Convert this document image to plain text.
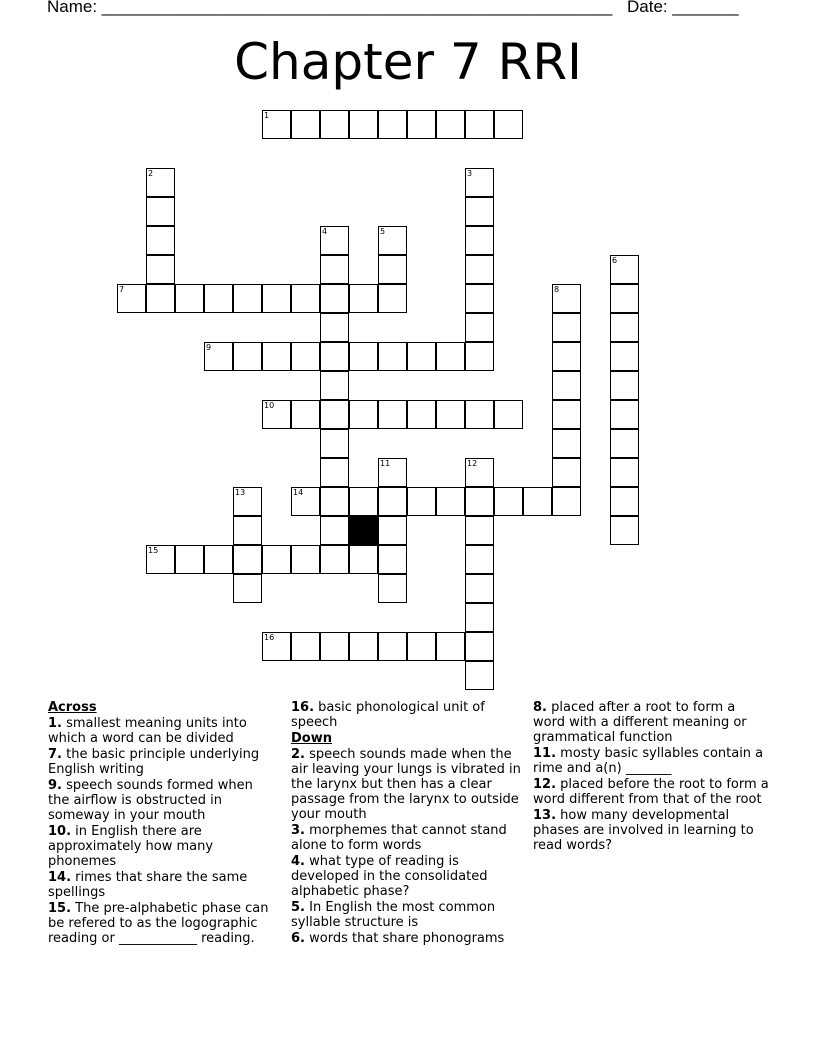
Name: ______________________________________________________ Date: _______
Chapter 7 RRI
1
2	3
4	5
6
7	8
9
10
11	12
13	14
15
16

Across

1. smallest meaning units into which a word can be divided

7. the basic principle underlying English writing

9. speech sounds formed when the airflow is obstructed in someway in your mouth

10. in English there are approximately how many phonemes

14. rimes that share the same spellings

15. The pre-alphabetic phase can be refered to as the logographic reading or ____________ reading.

16. basic phonological unit of speech

Down

2. speech sounds made when the air leaving your lungs is vibrated in the larynx but then has a clear passage from the larynx to outside your mouth

3. morphemes that cannot stand alone to form words

4. what type of reading is developed in the consolidated alphabetic phase?

5. In English the most common syllable structure is

6. words that share phonograms

8. placed after a root to form a word with a different meaning or grammatical function

11. mosty basic syllables contain a rime and a(n) _______

12. placed before the root to form a word different from that of the root

13. how many developmental phases are involved in learning to read words?
